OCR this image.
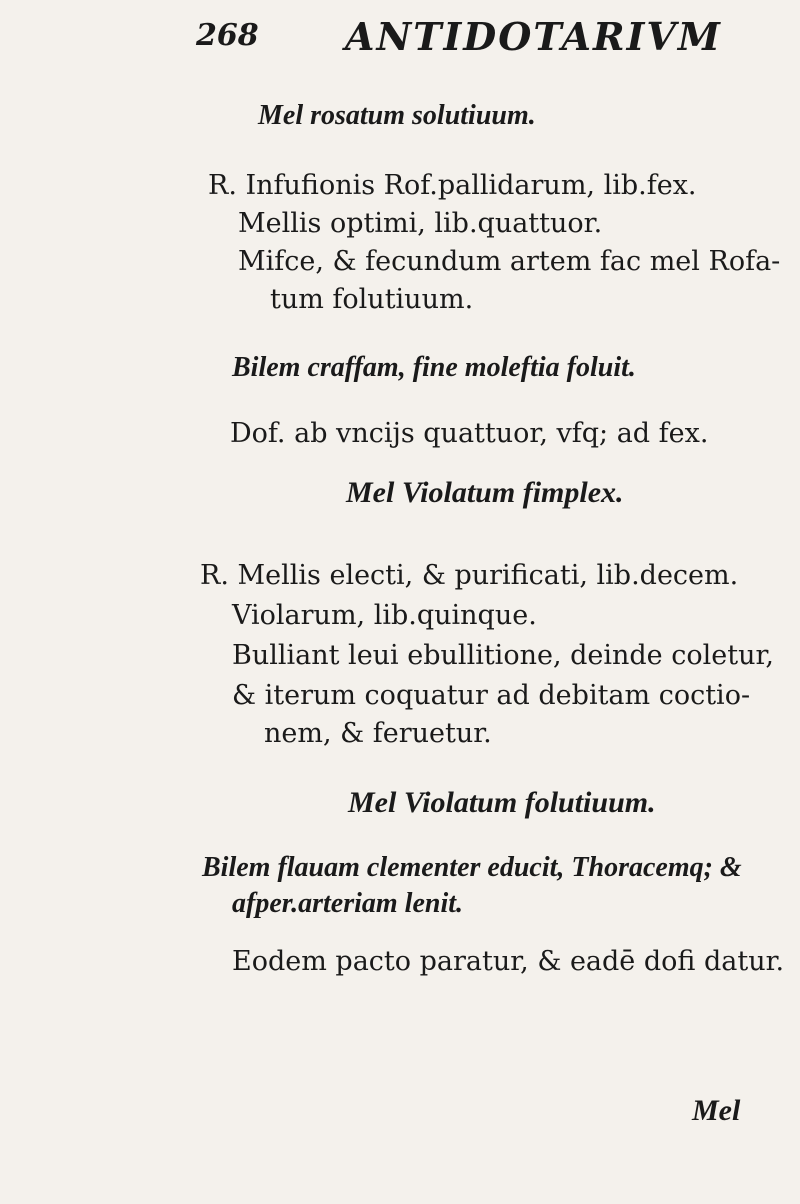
268 ANTIDOTARIVM
Mel rosatum solutiuum.
R. Infufionis Rof.pallidarum, lib.fex.
Mellis optimi, lib.quattuor.
Mifce, & fecundum artem fac mel Rofa-
tum folutiuum.
Bilem craffam, fine moleftia foluit.
Dof. ab vncijs quattuor, vfq; ad fex.
Mel Violatum fimplex.
R. Mellis electi, & purificati, lib.decem.
Violarum, lib.quinque.
Bulliant leui ebullitione, deinde coletur,
& iterum coquatur ad debitam coctio-
nem, & feruetur.
Mel Violatum folutiuum.
Bilem flauam clementer educit, Thoracemq; &
afper.arteriam lenit.
Eodem pacto paratur, & eadē dofi datur.
Mel
